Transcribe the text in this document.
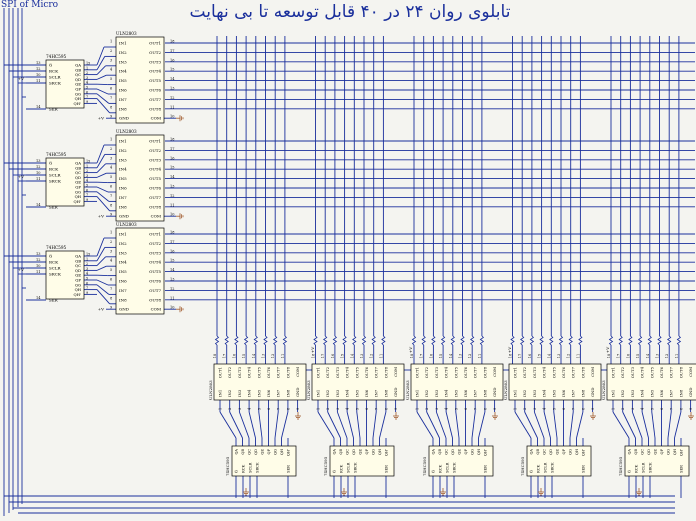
74HC595
G̅
13
RCK
12
SCLR
10
SRCK
11
SER
14
QA 15
QB 1
QC 2
QD 3
QE 4
QF 5
QG 6
QH 7
QH' 9
+V
ULN2803
IN1
1
IN2
2
IN3
3
IN4
4
IN5
5
IN6
6
IN7
7
IN8
8
GND
9
OUT1	18
OUT2	17
OUT3	16
OUT4	15
OUT5	14
OUT6	13
OUT7	12
OUT8	11
COM	10
+V
74HC595
G̅
13
RCK
12
SCLR
10
SRCK
11
SER
14
QA 15
QB 1
QC 2
QD 3
QE 4
QF 5
QG 6
QH 7
QH' 9
+V
ULN2803
IN1
1
IN2
2
IN3
3
IN4
4
IN5
5
IN6
6
IN7
7
IN8
8
GND
9
OUT1	18
OUT2	17
OUT3	16
OUT4	15
OUT5	14
OUT6	13
OUT7	12
OUT8	11
COM	10
+V
74HC595
G̅
13
RCK
12
SCLR
10
SRCK
11
SER
14
QA 15
QB 1
QC 2
QD 3
QE 4
QF 5
QG 6
QH 7
QH' 9
+V
ULN2803
IN1
1
IN2
2
IN3
3
IN4
4
IN5
5
IN6
6
IN7
7
IN8
8
GND
9
OUT1	18
OUT2	17
OUT3	16
OUT4	15
OUT5	14
OUT6	13
OUT7	12
OUT8	11
COM	10
+V
18 17 16 15 14 13 12 11
ULN2803
OUT1 OUT2 OUT3 OUT4 OUT5 OUT6 OUT7 OUT8 COM
IN1
1
IN2
2
IN3
3
IN4
4
IN5
5
IN6
6
IN7
7
IN8
8
GND
9
+V
74HC595
QA QB QC QD QE QF QG QH QH'
G̅ RCK SCLR SRCK	SER
18 17 16 15 14 13 12 11
ULN2803
OUT1 OUT2 OUT3 OUT4 OUT5 OUT6 OUT7 OUT8 COM
IN1
1
IN2
2
IN3
3
IN4
4
IN5
5
IN6
6
IN7
7
IN8
8
GND
9
+V
74HC595
QA QB QC QD QE QF QG QH QH'
G̅ RCK SCLR SRCK	SER
18 17 16 15 14 13 12 11
ULN2803
OUT1 OUT2 OUT3 OUT4 OUT5 OUT6 OUT7 OUT8 COM
IN1
1
IN2
2
IN3
3
IN4
4
IN5
5
IN6
6
IN7
7
IN8
8
GND
9
+V
74HC595
QA QB QC QD QE QF QG QH QH'
G̅ RCK SCLR SRCK	SER
18 17 16 15 14 13 12 11
ULN2803
OUT1 OUT2 OUT3 OUT4 OUT5 OUT6 OUT7 OUT8 COM
IN1
1
IN2
2
IN3
3
IN4
4
IN5
5
IN6
6
IN7
7
IN8
8
GND
9
+V
74HC595
QA QB QC QD QE QF QG QH QH'
G̅ RCK SCLR SRCK	SER
18 17 16 15 14 13 12 11
ULN2803
OUT1 OUT2 OUT3 OUT4 OUT5 OUT6 OUT7 OUT8 COM
IN1
1
IN2
2
IN3
3
IN4
4
IN5
5
IN6
6
IN7
7
IN8
8
GND
9
74HC595
QA QB QC QD QE QF QG QH QH'
G̅ RCK SCLR SRCK	SER
تابلوی روان ۲۴ در ۴۰ قابل توسعه تا بی نهایت
SPI of Micro
